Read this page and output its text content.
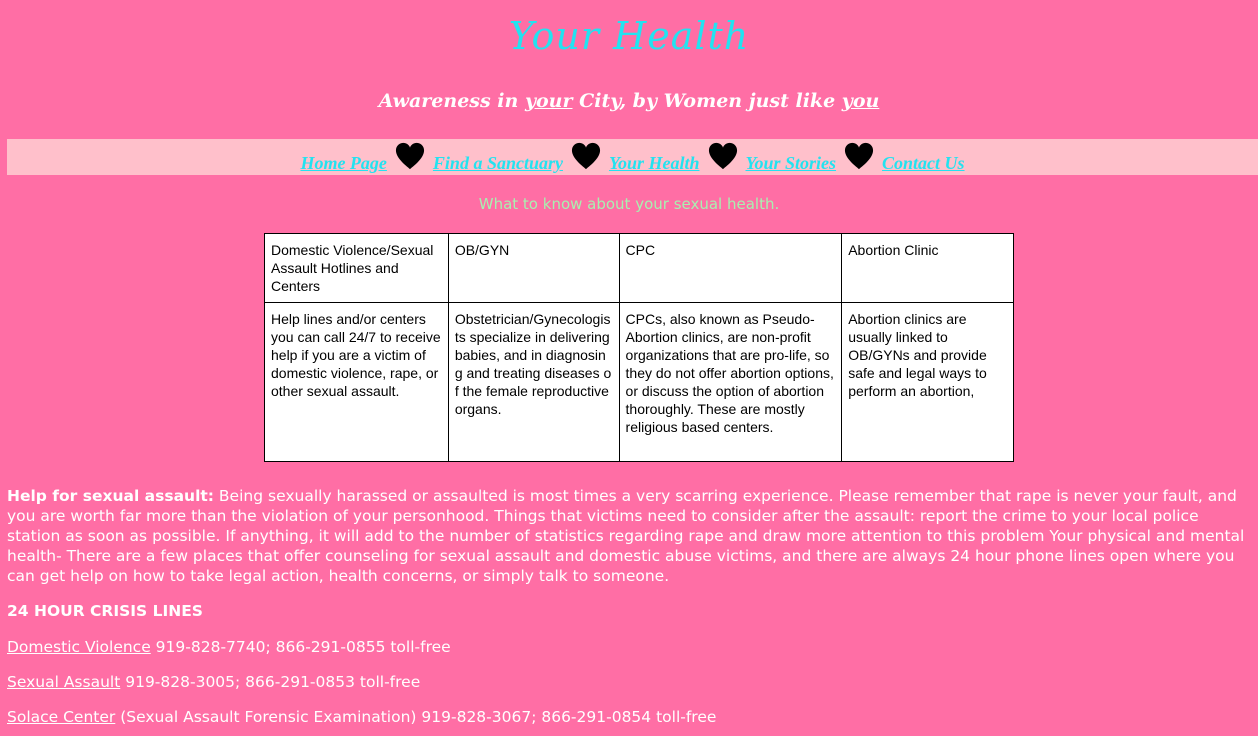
Your Health
Awareness in your City, by Women just like you
Home Page	Find a Sanctuary	Your Health	Your Stories	Contact Us
What to know about your sexual health.
Domestic Violence/Sexual Assault Hotlines and Centers	OB/GYN	CPC	Abortion Clinic
Help lines and/or centers you can call 24/7 to receive help if you are a victim of domestic violence, rape, or other sexual assault.	Obstetrician/Gynecologists specialize in delivering babies, and in diagnosing and treating diseases of the female reproductive organs.	CPCs, also known as Pseudo-Abortion clinics, are non-profit organizations that are pro-life, so they do not offer abortion options, or discuss the option of abortion thoroughly. These are mostly religious based centers.	Abortion clinics are usually linked to OB/GYNs and provide safe and legal ways to perform an abortion,
Help for sexual assault: Being sexually harassed or assaulted is most times a very scarring experience. Please remember that rape is never your fault, and you are worth far more than the violation of your personhood. Things that victims need to consider after the assault: report the crime to your local police station as soon as possible. If anything, it will add to the number of statistics regarding rape and draw more attention to this problem Your physical and mental health- There are a few places that offer counseling for sexual assault and domestic abuse victims, and there are always 24 hour phone lines open where you can get help on how to take legal action, health concerns, or simply talk to someone.
24 HOUR CRISIS LINES
Domestic Violence 919-828-7740; 866-291-0855 toll-free
Sexual Assault 919-828-3005; 866-291-0853 toll-free
Solace Center (Sexual Assault Forensic Examination) 919-828-3067; 866-291-0854 toll-free
